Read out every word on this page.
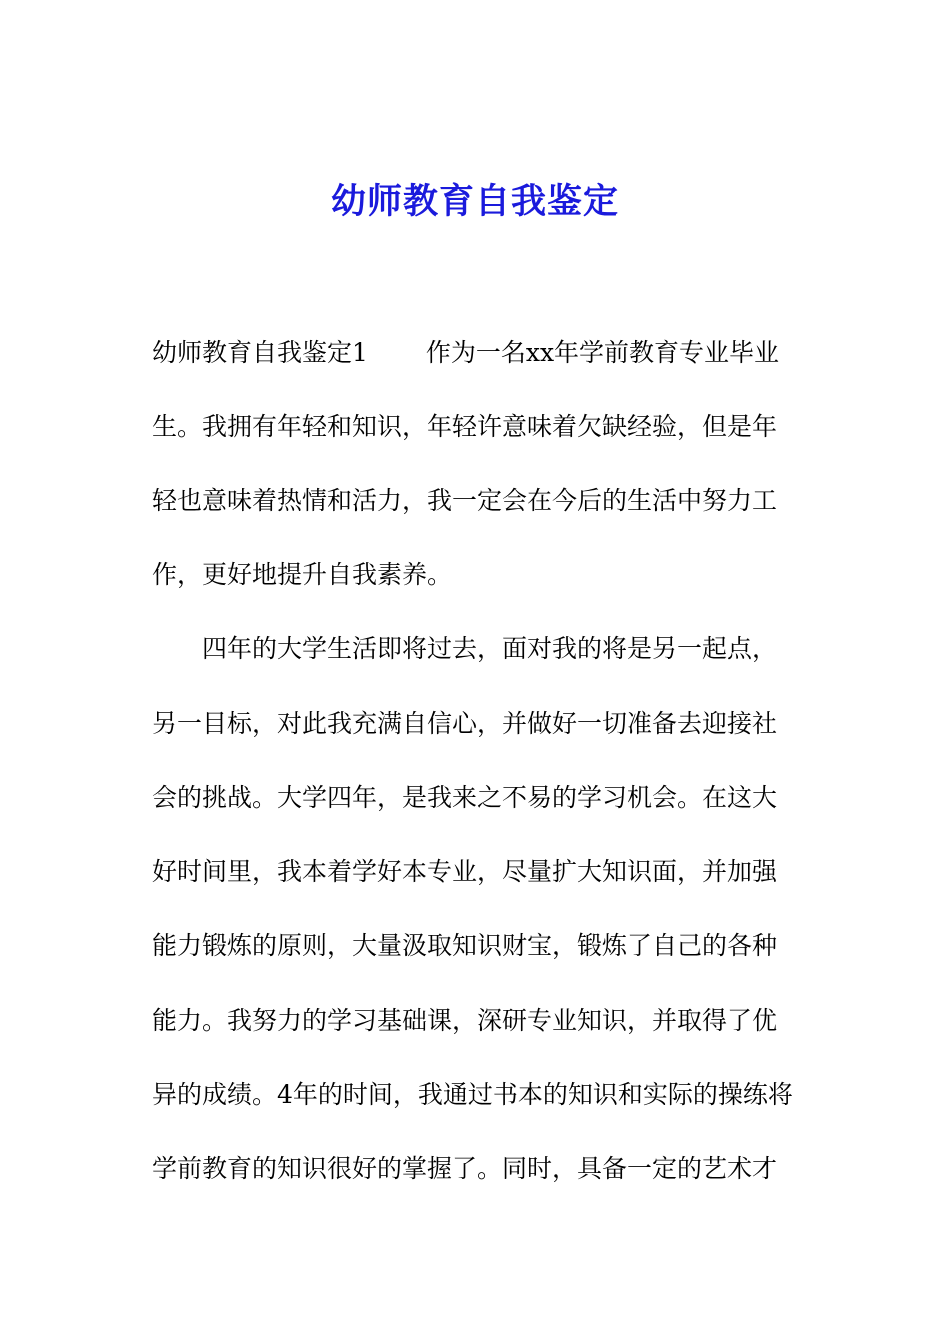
幼师教育自我鉴定
幼师教育自我鉴定1　　 作为一名xx年学前教育专业毕业
生。我拥有年轻和知识，年轻许意味着欠缺经验，但是年
轻也意味着热情和活力，我一定会在今后的生活中努力工
作，更好地提升自我素养。
　　四年的大学生活即将过去，面对我的将是另一起点，
另一目标，对此我充满自信心，并做好一切准备去迎接社
会的挑战。大学四年，是我来之不易的学习机会。在这大
好时间里，我本着学好本专业，尽量扩大知识面，并加强
能力锻炼的原则，大量汲取知识财宝，锻炼了自己的各种
能力。我努力的学习基础课，深研专业知识，并取得了优
异的成绩。4年的时间，我通过书本的知识和实际的操练将
学前教育的知识很好的掌握了。同时，具备一定的艺术才
